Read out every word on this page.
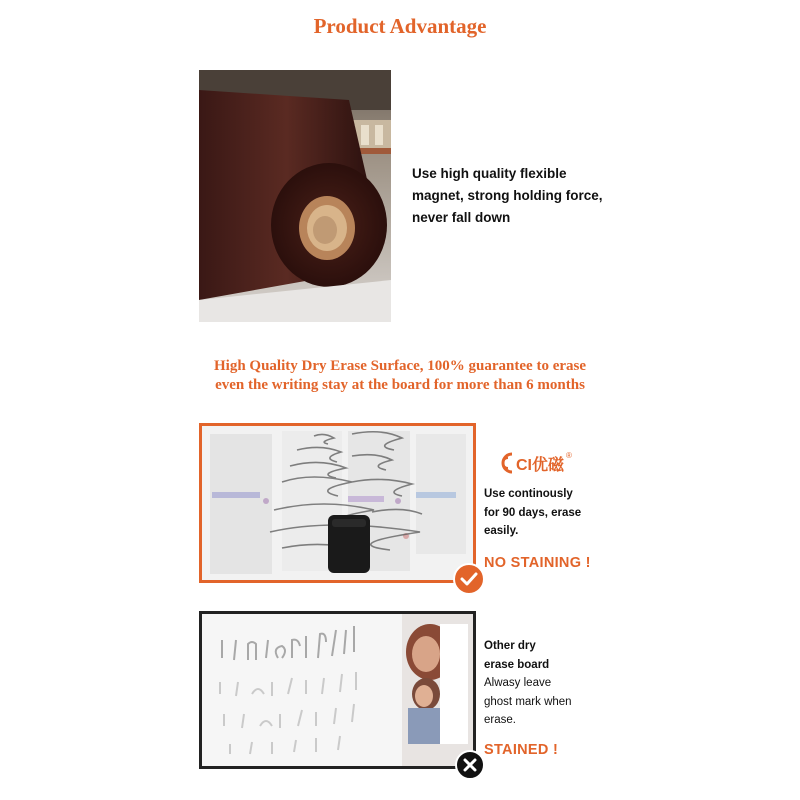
Product Advantage
Use high quality flexible
magnet, strong holding force,
never fall down
High Quality Dry Erase Surface, 100% guarantee to erase
even the writing stay at the board for more than 6 months
CI优磁
®
Use continously
for 90 days, erase
easily.
NO STAINING !
Other dry
erase board
Alwasy leave
ghost mark when
erase.
STAINED !
